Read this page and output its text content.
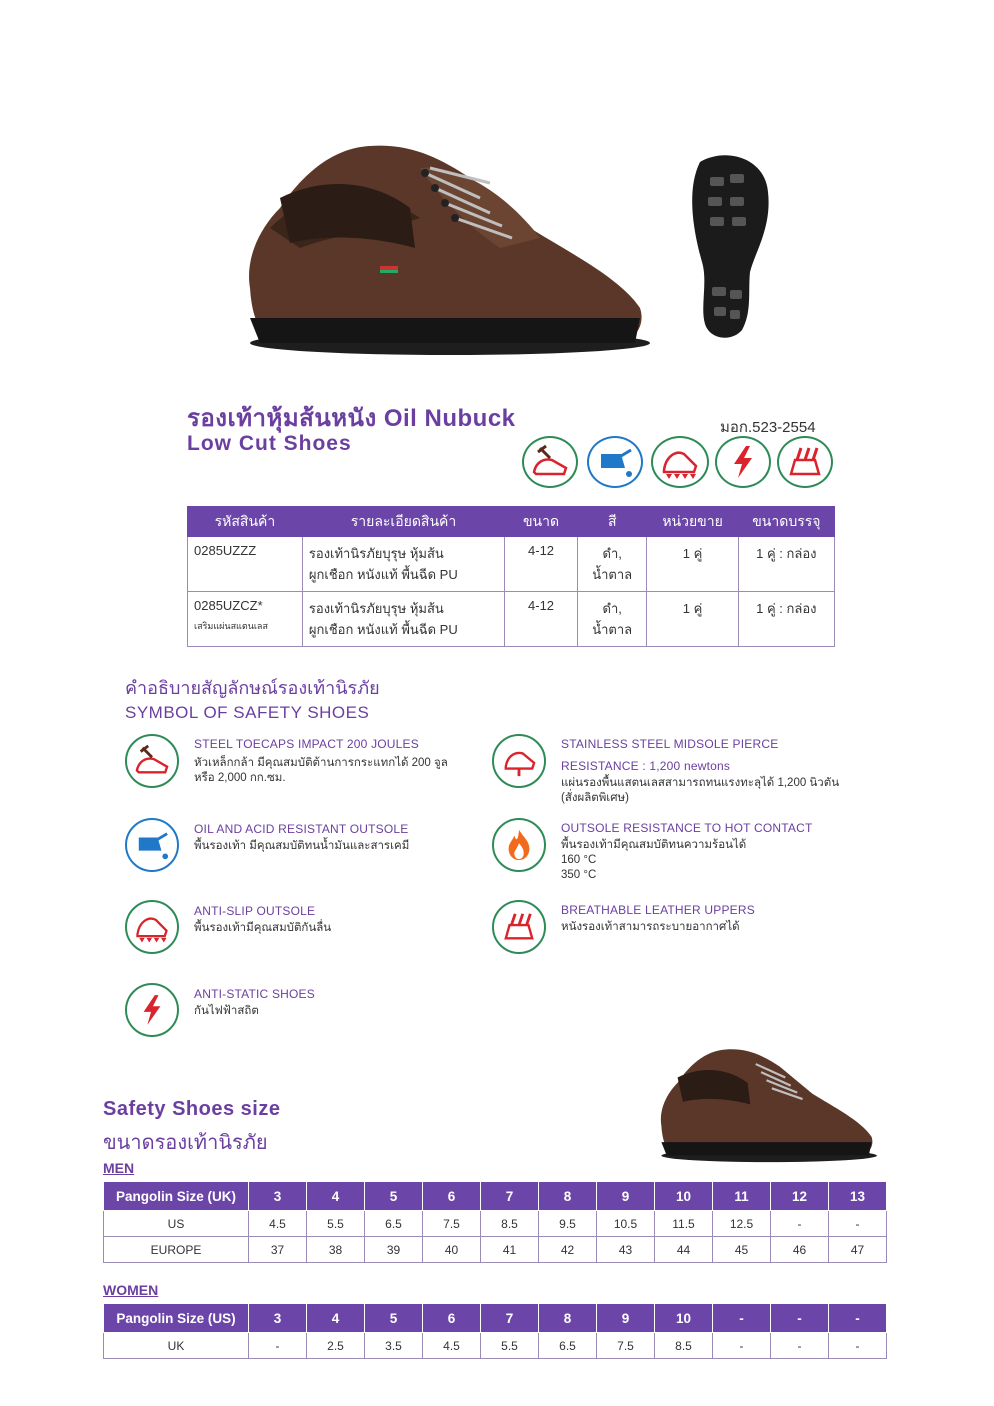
รองเท้าหุ้มส้นหนัง Oil Nubuck
Low Cut Shoes
มอก.523-2554
รหัสสินค้า	รายละเอียดสินค้า	ขนาด	สี	หน่วยขาย	ขนาดบรรจุ
0285UZZZ	รองเท้านิรภัยบุรุษ หุ้มส้น
ผูกเชือก หนังแท้ พื้นฉีด PU	4-12	ดำ,
น้ำตาล	1 คู่	1 คู่ : กล่อง
0285UZCZ*
เสริมแผ่นสแตนเลส	รองเท้านิรภัยบุรุษ หุ้มส้น
ผูกเชือก หนังแท้ พื้นฉีด PU	4-12	ดำ,
น้ำตาล	1 คู่	1 คู่ : กล่อง
คำอธิบายสัญลักษณ์รองเท้านิรภัย
SYMBOL OF SAFETY SHOES
STEEL TOECAPS IMPACT 200 JOULES
หัวเหล็กกล้า มีคุณสมบัติต้านการกระแทกได้ 200 จูล
หรือ 2,000 กก.ซม.
OIL AND ACID RESISTANT OUTSOLE
พื้นรองเท้า มีคุณสมบัติทนน้ำมันและสารเคมี
ANTI-SLIP OUTSOLE
พื้นรองเท้ามีคุณสมบัติกันลื่น
ANTI-STATIC SHOES
กันไฟฟ้าสถิต
STAINLESS STEEL MIDSOLE PIERCE
RESISTANCE : 1,200 newtons
แผ่นรองพื้นแสตนเลสสามารถทนแรงทะลุได้ 1,200 นิวตัน
(สั่งผลิตพิเศษ)
OUTSOLE RESISTANCE TO HOT CONTACT
พื้นรองเท้ามีคุณสมบัติทนความร้อนได้
160 °C
350 °C
BREATHABLE LEATHER UPPERS
หนังรองเท้าสามารถระบายอากาศได้
Safety Shoes size
ขนาดรองเท้านิรภัย
MEN
Pangolin Size (UK)	3	4	5	6	7	8	9	10	11	12	13
US	4.5	5.5	6.5	7.5	8.5	9.5	10.5	11.5	12.5	-	-
EUROPE	37	38	39	40	41	42	43	44	45	46	47
WOMEN
Pangolin Size (US)	3	4	5	6	7	8	9	10	-	-	-
UK	-	2.5	3.5	4.5	5.5	6.5	7.5	8.5	-	-	-
